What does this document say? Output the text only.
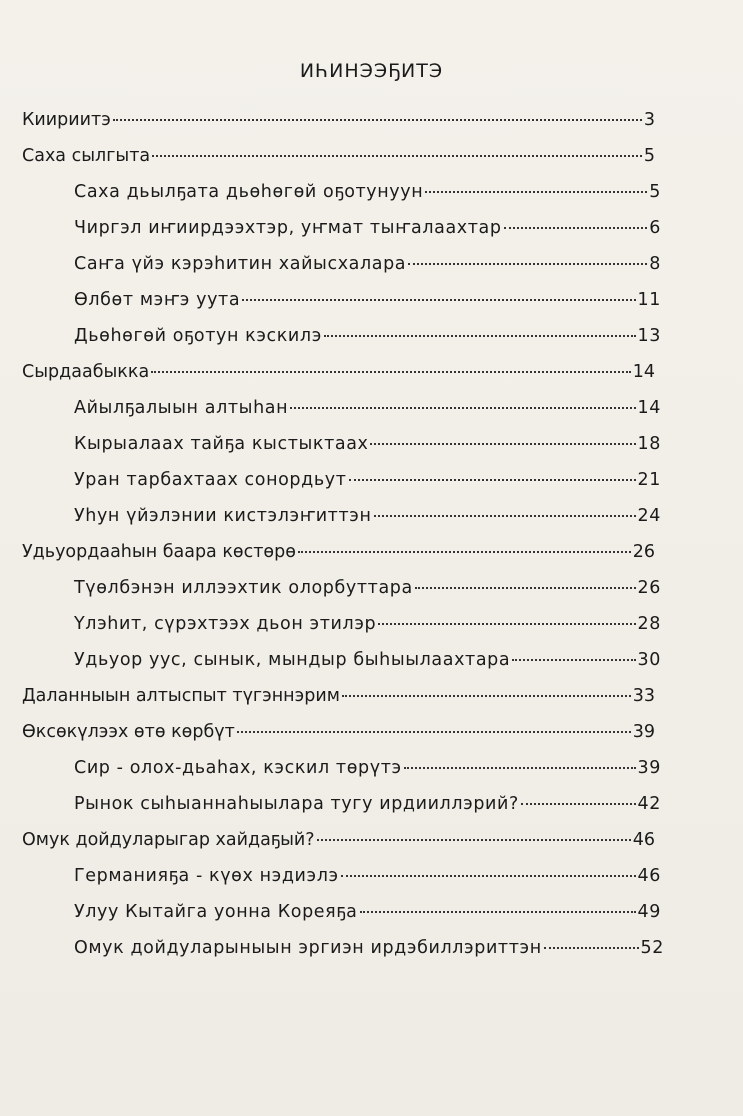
ИҺИНЭЭҔИТЭ
Киириитэ	3
Саха сылгыта	5
Саха дьылҕата дьөһөгөй оҕотунуун	5
Чиргэл иҥиирдээхтэр, уҥмат тыҥалаахтар	6
Саҥа үйэ кэрэһитин хайысхалара	8
Өлбөт мэҥэ уута	11
Дьөһөгөй оҕотун кэскилэ	13
Сырдаабыкка	14
Айылҕалыын алтыһан	14
Кырыалаах тайҕа кыстыктаах	18
Уран тарбахтаах сонордьут	21
Уһун үйэлэнии кистэлэҥиттэн	24
Удьуордааһын баара көстөрө	26
Түөлбэнэн иллээхтик олорбуттара	26
Үлэһит, сүрэхтээх дьон этилэр	28
Удьуор уус, сынык, мындыр быһыылаахтара	30
Даланныын алтыспыт түгэннэрим	33
Өксөкүлээх өтө көрбүт	39
Сир - олох-дьаһах, кэскил төрүтэ	39
Рынок сыһыаннаһыылара тугу ирдииллэрий?	42
Омук дойдуларыгар хайдаҕый?	46
Германияҕа - күөх нэдиэлэ	46
Улуу Кытайга уонна Кореяҕа	49
Омук дойдуларыныын эргиэн ирдэбиллэриттэн	52
